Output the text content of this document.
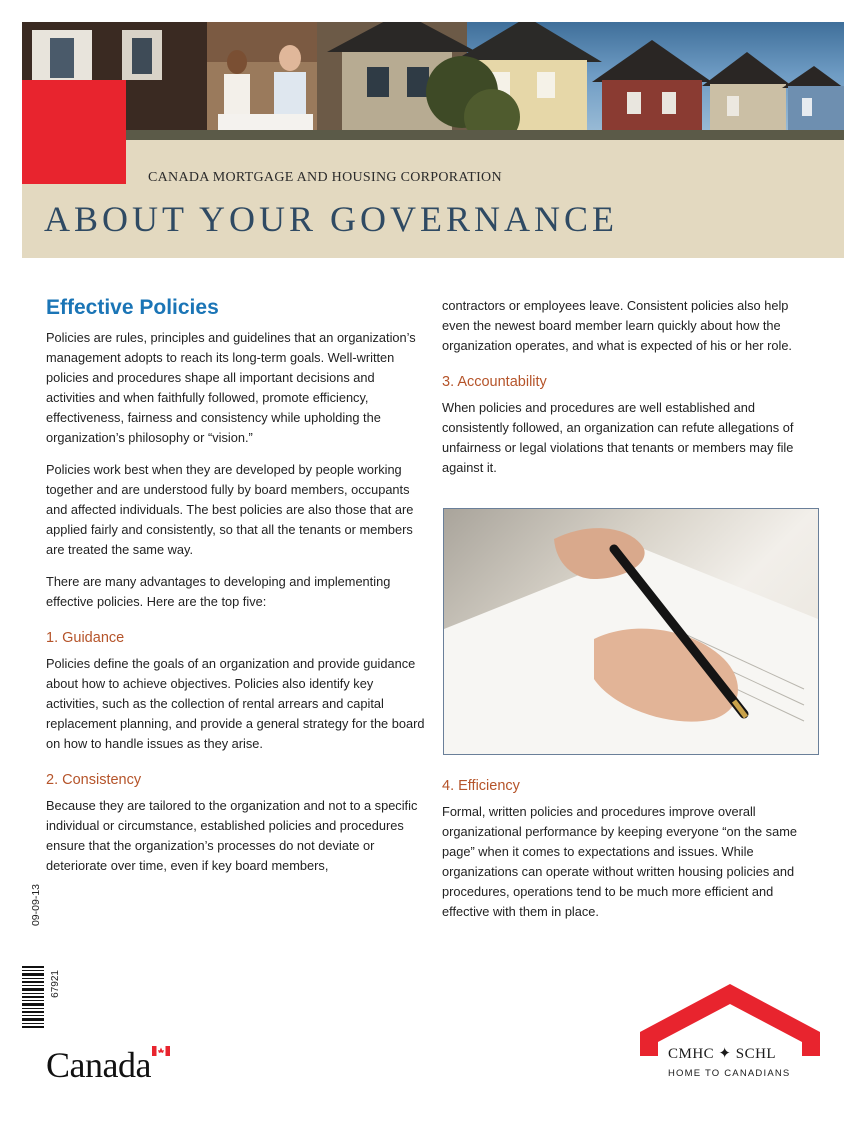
CANADA MORTGAGE AND HOUSING CORPORATION
ABOUT YOUR GOVERNANCE
Effective Policies

Policies are rules, principles and guidelines that an organization’s management adopts to reach its long-term goals. Well-written policies and procedures shape all important decisions and activities and when faithfully followed, promote efficiency, effectiveness, fairness and consistency while upholding the organization’s philosophy or “vision.”

Policies work best when they are developed by people working together and are understood fully by board members, occupants and affected individuals. The best policies are also those that are applied fairly and consistently, so that all the tenants or members are treated the same way.

There are many advantages to developing and implementing effective policies. Here are the top five:

1. Guidance

Policies define the goals of an organization and provide guidance about how to achieve objectives. Policies also identify key activities, such as the collection of rental arrears and capital replacement planning, and provide a general strategy for the board on how to handle issues as they arise.

2. Consistency

Because they are tailored to the organization and not to a specific individual or circumstance, established policies and procedures ensure that the organization’s processes do not deviate or deteriorate over time, even if key board members,

contractors or employees leave. Consistent policies also help even the newest board member learn quickly about how the organization operates, and what is expected of his or her role.

3. Accountability

When policies and procedures are well established and consistently followed, an organization can refute allegations of unfairness or legal violations that tenants or members may file against it.

4. Efficiency

Formal, written policies and procedures improve overall organizational performance by keeping everyone “on the same page” when it comes to expectations and issues. While organizations can operate without written housing policies and procedures, operations tend to be much more efficient and effective with them in place.

09-09-13
67921
Canada	CMHC ✦ SCHL
HOME TO CANADIANS
